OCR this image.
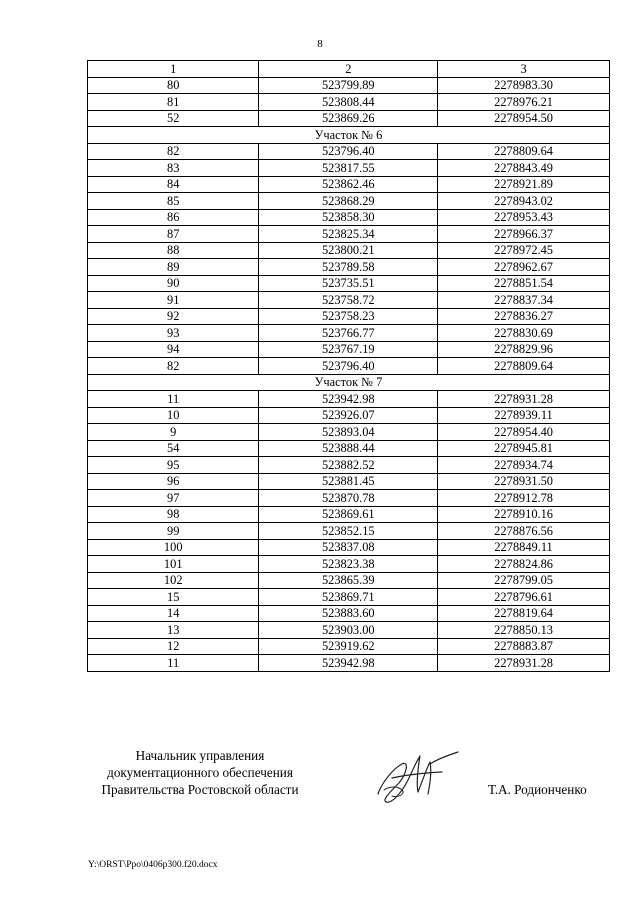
8
1	2	3
80	523799.89	2278983.30
81	523808.44	2278976.21
52	523869.26	2278954.50
Участок № 6		
82	523796.40	2278809.64
83	523817.55	2278843.49
84	523862.46	2278921.89
85	523868.29	2278943.02
86	523858.30	2278953.43
87	523825.34	2278966.37
88	523800.21	2278972.45
89	523789.58	2278962.67
90	523735.51	2278851.54
91	523758.72	2278837.34
92	523758.23	2278836.27
93	523766.77	2278830.69
94	523767.19	2278829.96
82	523796.40	2278809.64
Участок № 7		
11	523942.98	2278931.28
10	523926.07	2278939.11
9	523893.04	2278954.40
54	523888.44	2278945.81
95	523882.52	2278934.74
96	523881.45	2278931.50
97	523870.78	2278912.78
98	523869.61	2278910.16
99	523852.15	2278876.56
100	523837.08	2278849.11
101	523823.38	2278824.86
102	523865.39	2278799.05
15	523869.71	2278796.61
14	523883.60	2278819.64
13	523903.00	2278850.13
12	523919.62	2278883.87
11	523942.98	2278931.28
Начальник управления
документационного обеспечения
Правительства Ростовской области	Т.А. Родионченко
Y:\ORST\Ppo\0406p300.f20.docx
